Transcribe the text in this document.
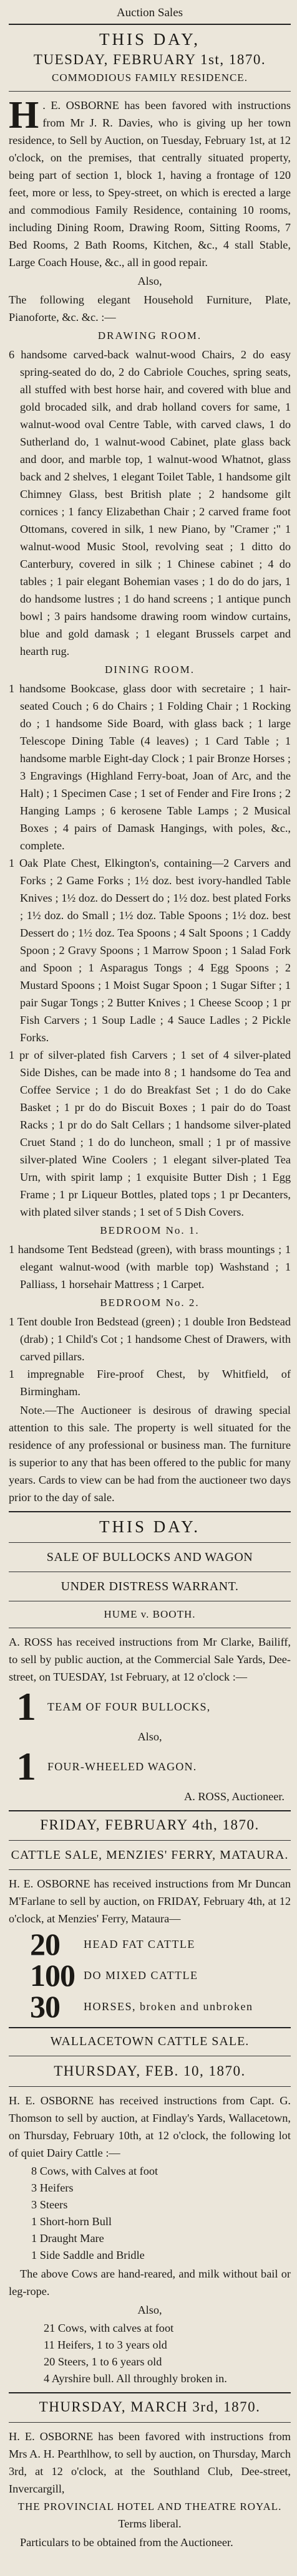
Auction Sales
THIS DAY,
TUESDAY, FEBRUARY 1st, 1870.
COMMODIOUS FAMILY RESIDENCE.

H . E. OSBORNE has been favored with instructions from Mr J. R. Davies, who is giving up her town residence, to Sell by Auction, on Tuesday, February 1st, at 12 o'clock, on the premises, that centrally situated property, being part of section 1, block 1, having a frontage of 120 feet, more or less, to Spey-street, on which is erected a large and commodious Family Residence, containing 10 rooms, including Dining Room, Drawing Room, Sitting Rooms, 7 Bed Rooms, 2 Bath Rooms, Kitchen, &c., 4 stall Stable, Large Coach House, &c., all in good repair.

Also,

The following elegant Household Furniture, Plate, Pianoforte, &c. &c. :—

DRAWING ROOM.

6 handsome carved-back walnut-wood Chairs, 2 do easy spring-seated do do, 2 do Cabriole Couches, spring seats, all stuffed with best horse hair, and covered with blue and gold brocaded silk, and drab holland covers for same, 1 walnut-wood oval Centre Table, with carved claws, 1 do Sutherland do, 1 walnut-wood Cabinet, plate glass back and door, and marble top, 1 walnut-wood Whatnot, glass back and 2 shelves, 1 elegant Toilet Table, 1 handsome gilt Chimney Glass, best British plate ; 2 handsome gilt cornices ; 1 fancy Elizabethan Chair ; 2 carved frame foot Ottomans, covered in silk, 1 new Piano, by "Cramer ;" 1 walnut-wood Music Stool, revolving seat ; 1 ditto do Canterbury, covered in silk ; 1 Chinese cabinet ; 4 do tables ; 1 pair elegant Bohemian vases ; 1 do do do jars, 1 do handsome lustres ; 1 do hand screens ; 1 antique punch bowl ; 3 pairs handsome drawing room window curtains, blue and gold damask ; 1 elegant Brussels carpet and hearth rug.

DINING ROOM.

1 handsome Bookcase, glass door with secretaire ; 1 hair-seated Couch ; 6 do Chairs ; 1 Folding Chair ; 1 Rocking do ; 1 handsome Side Board, with glass back ; 1 large Telescope Dining Table (4 leaves) ; 1 Card Table ; 1 handsome marble Eight-day Clock ; 1 pair Bronze Horses ; 3 Engravings (Highland Ferry-boat, Joan of Arc, and the Halt) ; 1 Specimen Case ; 1 set of Fender and Fire Irons ; 2 Hanging Lamps ; 6 kerosene Table Lamps ; 2 Musical Boxes ; 4 pairs of Damask Hangings, with poles, &c., complete.

1 Oak Plate Chest, Elkington's, containing—2 Carvers and Forks ; 2 Game Forks ; 1½ doz. best ivory-handled Table Knives ; 1½ doz. do Dessert do ; 1½ doz. best plated Forks ; 1½ doz. do Small ; 1½ doz. Table Spoons ; 1½ doz. best Dessert do ; 1½ doz. Tea Spoons ; 4 Salt Spoons ; 1 Caddy Spoon ; 2 Gravy Spoons ; 1 Marrow Spoon ; 1 Salad Fork and Spoon ; 1 Asparagus Tongs ; 4 Egg Spoons ; 2 Mustard Spoons ; 1 Moist Sugar Spoon ; 1 Sugar Sifter ; 1 pair Sugar Tongs ; 2 Butter Knives ; 1 Cheese Scoop ; 1 pr Fish Carvers ; 1 Soup Ladle ; 4 Sauce Ladles ; 2 Pickle Forks.

1 pr of silver-plated fish Carvers ; 1 set of 4 silver-plated Side Dishes, can be made into 8 ; 1 handsome do Tea and Coffee Service ; 1 do do Breakfast Set ; 1 do do Cake Basket ; 1 pr do do Biscuit Boxes ; 1 pair do do Toast Racks ; 1 pr do do Salt Cellars ; 1 handsome silver-plated Cruet Stand ; 1 do do luncheon, small ; 1 pr of massive silver-plated Wine Coolers ; 1 elegant silver-plated Tea Urn, with spirit lamp ; 1 exquisite Butter Dish ; 1 Egg Frame ; 1 pr Liqueur Bottles, plated tops ; 1 pr Decanters, with plated silver stands ; 1 set of 5 Dish Covers.

BEDROOM No. 1.

1 handsome Tent Bedstead (green), with brass mountings ; 1 elegant walnut-wood (with marble top) Washstand ; 1 Palliass, 1 horsehair Mattress ; 1 Carpet.

BEDROOM No. 2.

1 Tent double Iron Bedstead (green) ; 1 double Iron Bedstead (drab) ; 1 Child's Cot ; 1 handsome Chest of Drawers, with carved pillars.

1 impregnable Fire-proof Chest, by Whitfield, of Birmingham.

Note.—The Auctioneer is desirous of drawing special attention to this sale. The property is well situated for the residence of any professional or business man. The furniture is superior to any that has been offered to the public for many years. Cards to view can be had from the auctioneer two days prior to the day of sale.

THIS DAY.
SALE OF BULLOCKS AND WAGON
UNDER DISTRESS WARRANT.
HUME v. BOOTH.

A. ROSS has received instructions from Mr Clarke, Bailiff, to sell by public auction, at the Commercial Sale Yards, Dee-street, on TUESDAY, 1st February, at 12 o'clock :—

1	TEAM OF FOUR BULLOCKS,
Also,
1	FOUR-WHEELED WAGON.
A. ROSS, Auctioneer.
FRIDAY, FEBRUARY 4th, 1870.
CATTLE SALE, MENZIES' FERRY, MATAURA.

H. E. OSBORNE has received instructions from Mr Duncan M'Farlane to sell by auction, on FRIDAY, February 4th, at 12 o'clock, at Menzies' Ferry, Mataura—

20	HEAD FAT CATTLE
100 DO MIXED CATTLE
30	HORSES, broken and unbroken
WALLACETOWN CATTLE SALE.
THURSDAY, FEB. 10, 1870.

H. E. OSBORNE has received instructions from Capt. G. Thomson to sell by auction, at Findlay's Yards, Wallacetown, on Thursday, February 10th, at 12 o'clock, the following lot of quiet Dairy Cattle :—

8 Cows, with Calves at foot
3 Heifers
3 Steers
1 Short-horn Bull
1 Draught Mare
1 Side Saddle and Bridle

The above Cows are hand-reared, and milk without bail or leg-rope.

Also,
21 Cows, with calves at foot
11 Heifers, 1 to 3 years old
20 Steers, 1 to 6 years old
4 Ayrshire bull. All throughly broken in.
THURSDAY, MARCH 3rd, 1870.

H. E. OSBORNE has been favored with instructions from Mrs A. H. Pearthlhow, to sell by auction, on Thursday, March 3rd, at 12 o'clock, at the Southland Club, Dee-street, Invercargill,

THE PROVINCIAL HOTEL AND THEATRE ROYAL.
Terms liberal.

Particulars to be obtained from the Auctioneer.
